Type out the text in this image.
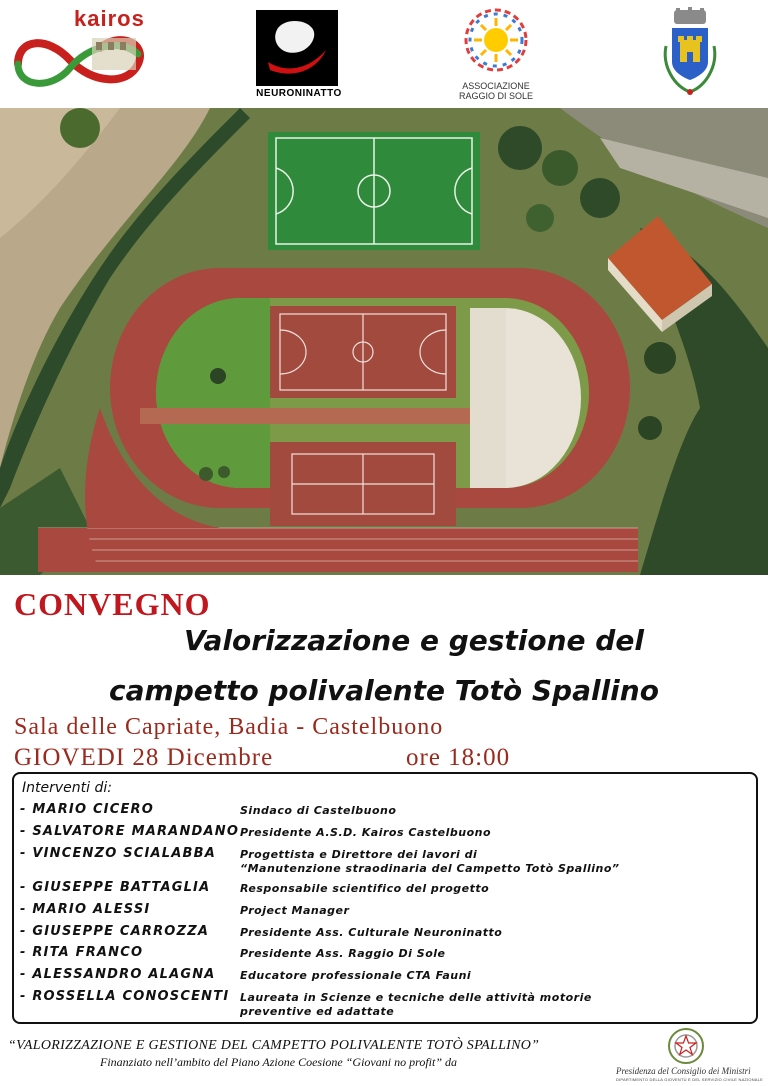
kairos
NEURONINATTO
ASSOCIAZIONE
RAGGIO DI SOLE
CONVEGNO
Valorizzazione e gestione del
campetto polivalente Totò Spallino
Sala delle Capriate, Badia - Castelbuono
GIOVEDI 28 Dicembre	ore 18:00
Interventi di:
- MARIO CICERO	Sindaco di Castelbuono
- SALVATORE MARANDANO Presidente A.S.D. Kairos Castelbuono
- VINCENZO SCIALABBA Progettista e Direttore dei lavori di
“Manutenzione straodinaria del Campetto Totò Spallino”
- GIUSEPPE BATTAGLIA	Responsabile scientifico del progetto
- MARIO ALESSI	Project Manager
- GIUSEPPE CARROZZA	Presidente Ass. Culturale Neuroninatto
- RITA FRANCO	Presidente Ass. Raggio Di Sole
- ALESSANDRO ALAGNA Educatore professionale CTA Fauni
- ROSSELLA CONOSCENTI Laureata in Scienze e tecniche delle attività motorie
preventive ed adattate
“VALORIZZAZIONE E GESTIONE DEL CAMPETTO POLIVALENTE TOTÒ SPALLINO”
Finanziato nell’ambito del Piano Azione Coesione “Giovani no profit” da
Presidenza del Consiglio dei Ministri
DIPARTIMENTO DELLA GIOVENTÙ E DEL SERVIZIO CIVILE NAZIONALE
